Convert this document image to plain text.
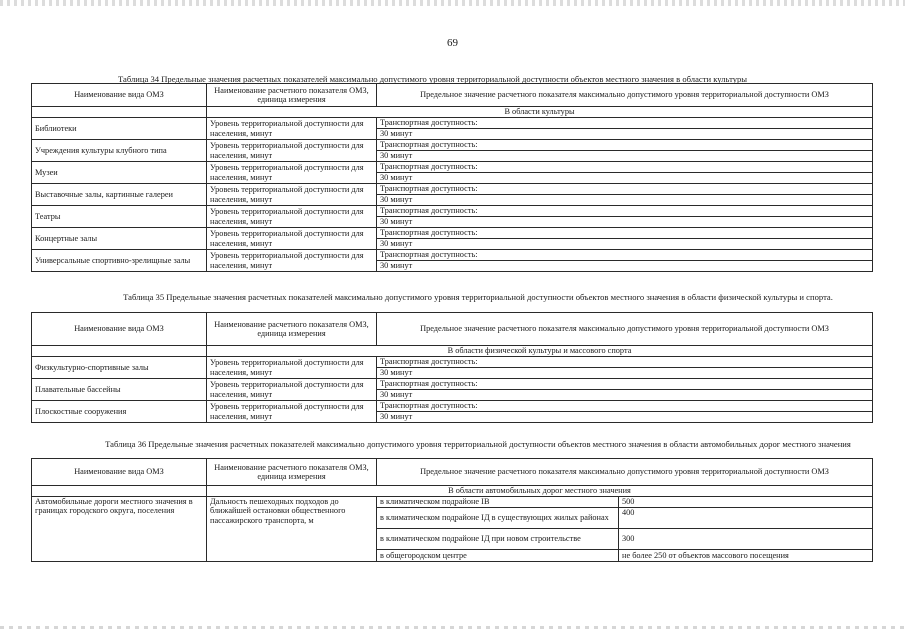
69
Таблица 34 Предельные значения расчетных показателей максимально допустимого уровня территориальной доступности объектов местного значения в области культуры
Наименование вида ОМЗ	Наименование расчетного показателя ОМЗ, единица измерения	Предельное значение расчетного показателя максимально допустимого уровня территориальной доступности ОМЗ
	В области культуры	
Библиотеки	Уровень территориальной доступности для населения, минут	Транспортная доступность:
		30 минут
Учреждения культуры клубного типа	Уровень территориальной доступности для населения, минут	Транспортная доступность:
		30 минут
Музеи	Уровень территориальной доступности для населения, минут	Транспортная доступность:
		30 минут
Выставочные залы, картинные галереи	Уровень территориальной доступности для населения, минут	Транспортная доступность:
		30 минут
Театры	Уровень территориальной доступности для населения, минут	Транспортная доступность:
		30 минут
Концертные залы	Уровень территориальной доступности для населения, минут	Транспортная доступность:
		30 минут
Универсальные спортивно-зрелищные залы	Уровень территориальной доступности для населения, минут	Транспортная доступность:
		30 минут
Таблица 35 Предельные значения расчетных показателей максимально допустимого уровня территориальной доступности объектов местного значения в области физической культуры и спорта.
Наименование вида ОМЗ	Наименование расчетного показателя ОМЗ, единица измерения	Предельное значение расчетного показателя максимально допустимого уровня территориальной доступности ОМЗ
	В области физической культуры и массового спорта	
Физкультурно-спортивные залы	Уровень территориальной доступности для населения, минут	Транспортная доступность:
		30 минут
Плавательные бассейны	Уровень территориальной доступности для населения, минут	Транспортная доступность:
		30 минут
Плоскостные сооружения	Уровень территориальной доступности для населения, минут	Транспортная доступность:
		30 минут
Таблица 36 Предельные значения расчетных показателей максимально допустимого уровня территориальной доступности объектов местного значения в области автомобильных дорог местного значения
Наименование вида ОМЗ	Наименование расчетного показателя ОМЗ, единица измерения	Предельное значение расчетного показателя максимально допустимого уровня территориальной доступности ОМЗ	
	В области автомобильных дорог местного значения		
Автомобильные дороги местного значения в границах городского округа, поселения	Дальность пешеходных подходов до ближайшей остановки общественного пассажирского транспорта, м	в климатическом подрайоне IВ	500
		в климатическом подрайоне IД в существующих жилых районах	400
		в климатическом подрайоне IД при новом строительстве	300
		в общегородском центре	не более 250 от объектов массового посещения
